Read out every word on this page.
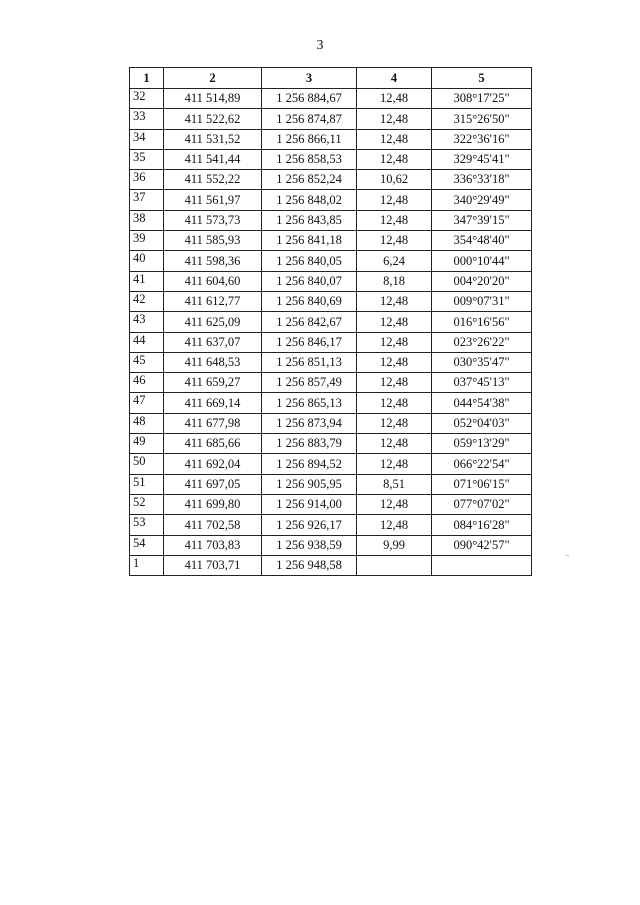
3
1	2	3	4	5
32	411 514,89	1 256 884,67	12,48	308°17'25"
33	411 522,62	1 256 874,87	12,48	315°26'50"
34	411 531,52	1 256 866,11	12,48	322°36'16"
35	411 541,44	1 256 858,53	12,48	329°45'41"
36	411 552,22	1 256 852,24	10,62	336°33'18"
37	411 561,97	1 256 848,02	12,48	340°29'49"
38	411 573,73	1 256 843,85	12,48	347°39'15"
39	411 585,93	1 256 841,18	12,48	354°48'40"
40	411 598,36	1 256 840,05	6,24	000°10'44"
41	411 604,60	1 256 840,07	8,18	004°20'20"
42	411 612,77	1 256 840,69	12,48	009°07'31"
43	411 625,09	1 256 842,67	12,48	016°16'56"
44	411 637,07	1 256 846,17	12,48	023°26'22"
45	411 648,53	1 256 851,13	12,48	030°35'47"
46	411 659,27	1 256 857,49	12,48	037°45'13"
47	411 669,14	1 256 865,13	12,48	044°54'38"
48	411 677,98	1 256 873,94	12,48	052°04'03"
49	411 685,66	1 256 883,79	12,48	059°13'29"
50	411 692,04	1 256 894,52	12,48	066°22'54"
51	411 697,05	1 256 905,95	8,51	071°06'15"
52	411 699,80	1 256 914,00	12,48	077°07'02"
53	411 702,58	1 256 926,17	12,48	084°16'28"
54	411 703,83	1 256 938,59	9,99	090°42'57"
1	411 703,71	1 256 948,58		
